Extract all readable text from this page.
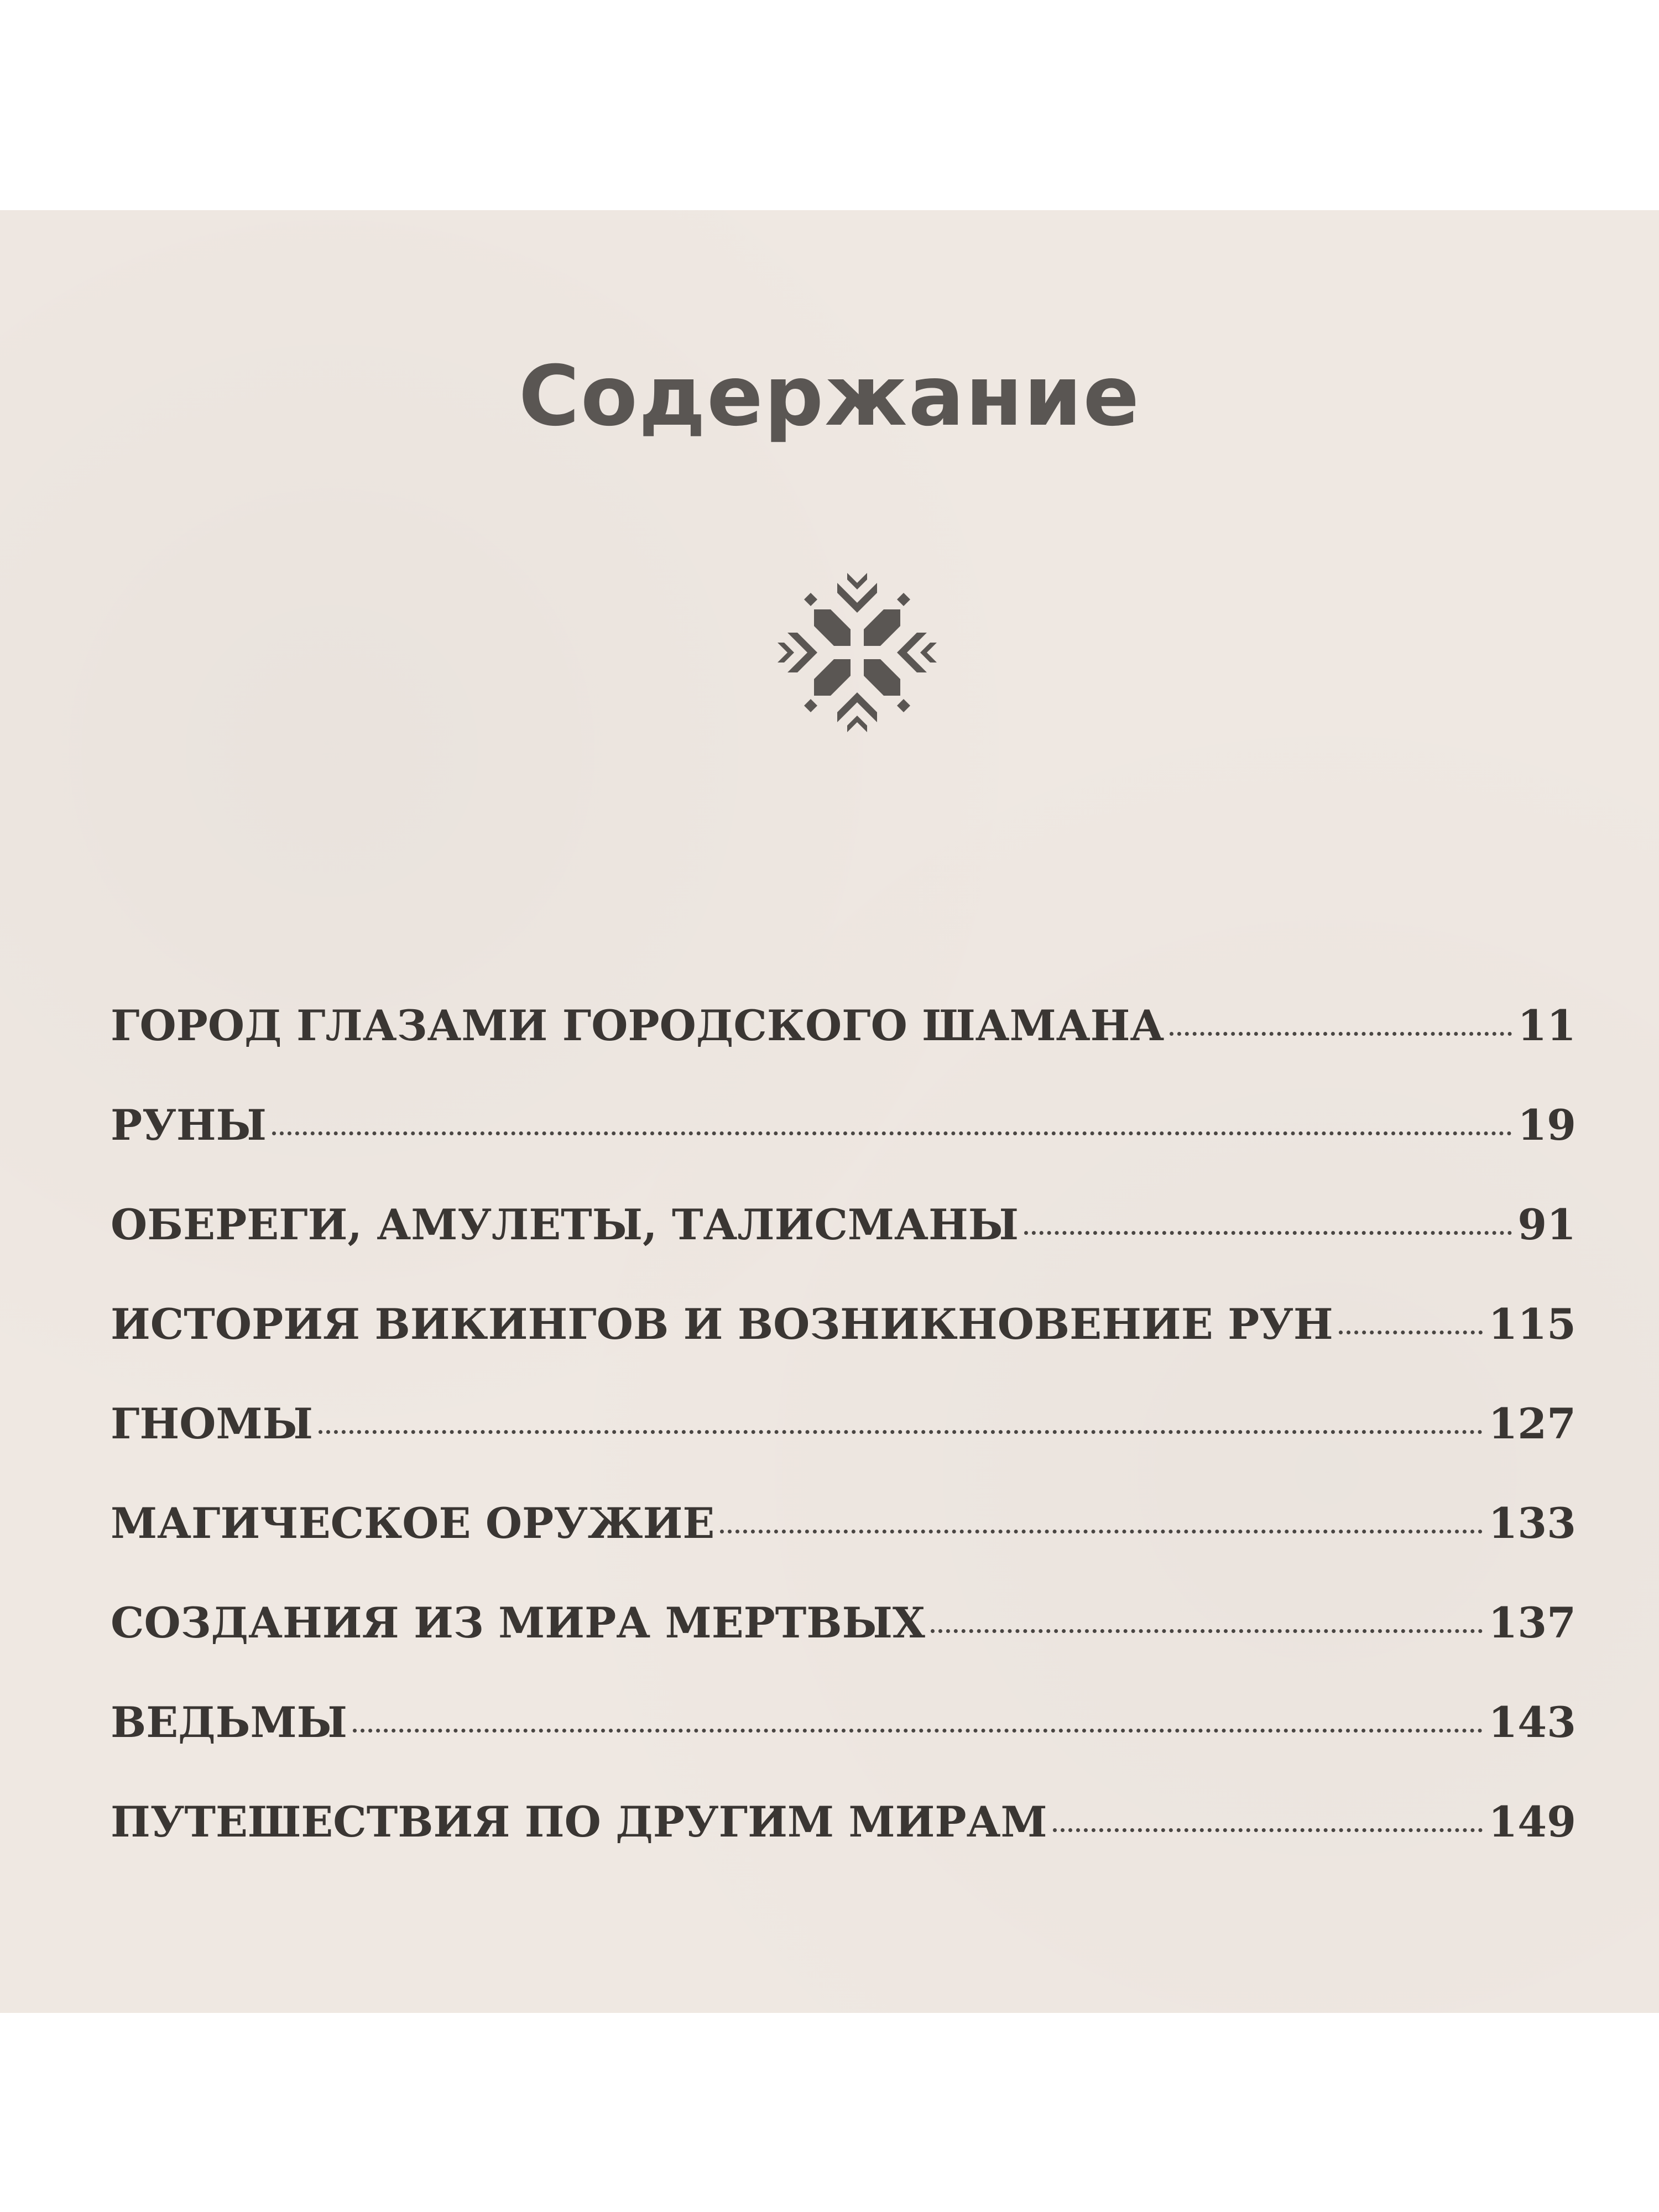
Содержание
ГОРОД ГЛАЗАМИ ГОРОДСКОГО ШАМАНА	11
РУНЫ	19
ОБЕРЕГИ, АМУЛЕТЫ, ТАЛИСМАНЫ	91
ИСТОРИЯ ВИКИНГОВ И ВОЗНИКНОВЕНИЕ РУН	115
ГНОМЫ	127
МАГИЧЕСКОЕ ОРУЖИЕ	133
СОЗДАНИЯ ИЗ МИРА МЕРТВЫХ	137
ВЕДЬМЫ	143
ПУТЕШЕСТВИЯ ПО ДРУГИМ МИРАМ	149
